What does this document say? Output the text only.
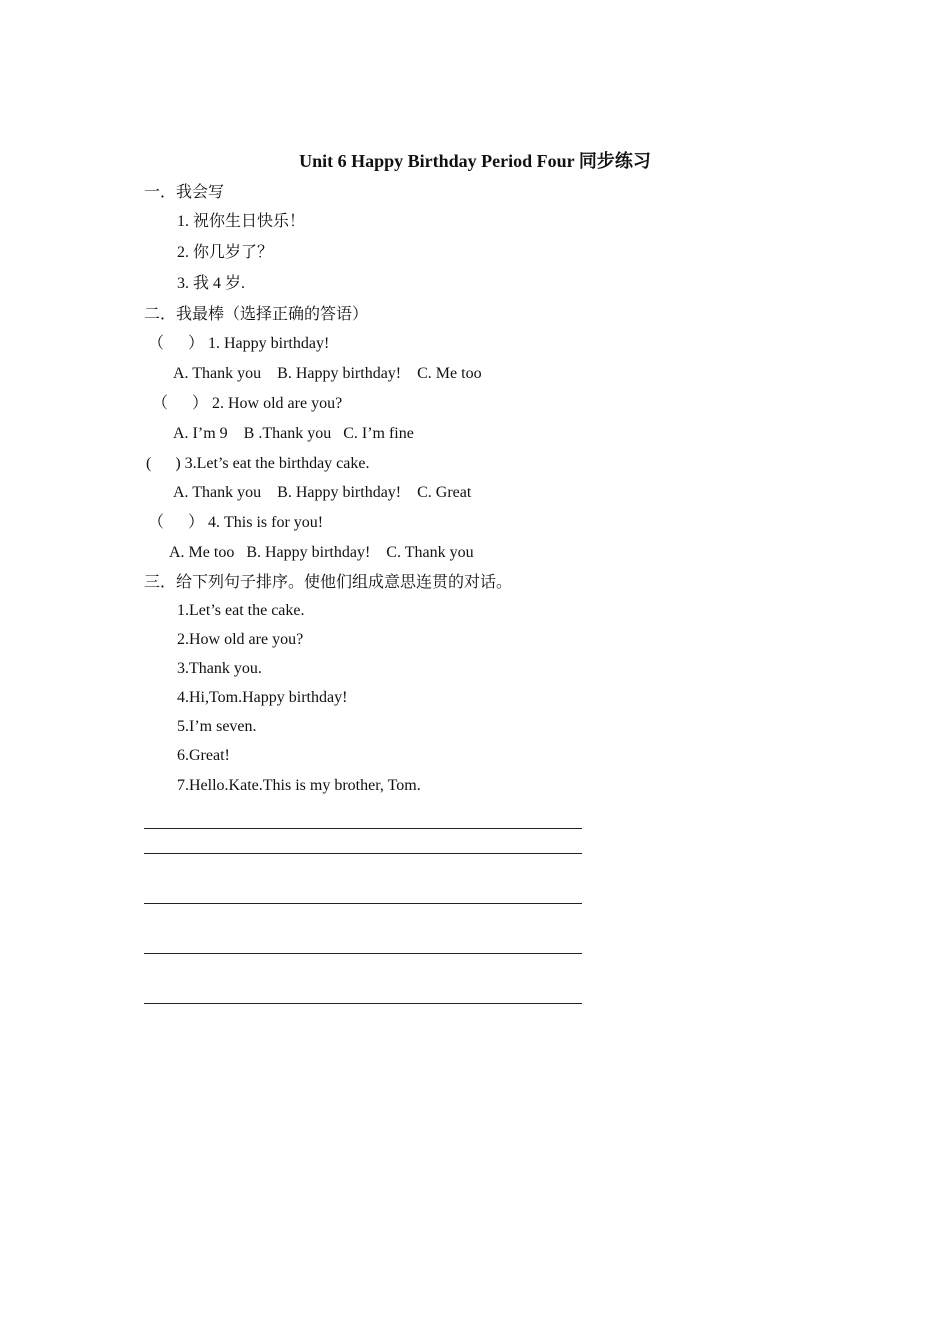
Unit 6 Happy Birthday Period Four 同步练习
一．我会写
1. 祝你生日快乐！
2. 你几岁了？
3. 我 4 岁.
二．我最棒（选择正确的答语）
（　  ） 1. Happy birthday!
A. Thank you    B. Happy birthday!    C. Me too
（　  ） 2. How old are you?
A. I’m 9    B .Thank you   C. I’m fine
(      ) 3.Let’s eat the birthday cake.
A. Thank you    B. Happy birthday!    C. Great
（　  ） 4. This is for you!
A. Me too   B. Happy birthday!    C. Thank you
三．给下列句子排序。使他们组成意思连贯的对话。
1.Let’s eat the cake.
2.How old are you?
3.Thank you.
4.Hi,Tom.Happy birthday!
5.I’m seven.
6.Great!
7.Hello.Kate.This is my brother, Tom.
